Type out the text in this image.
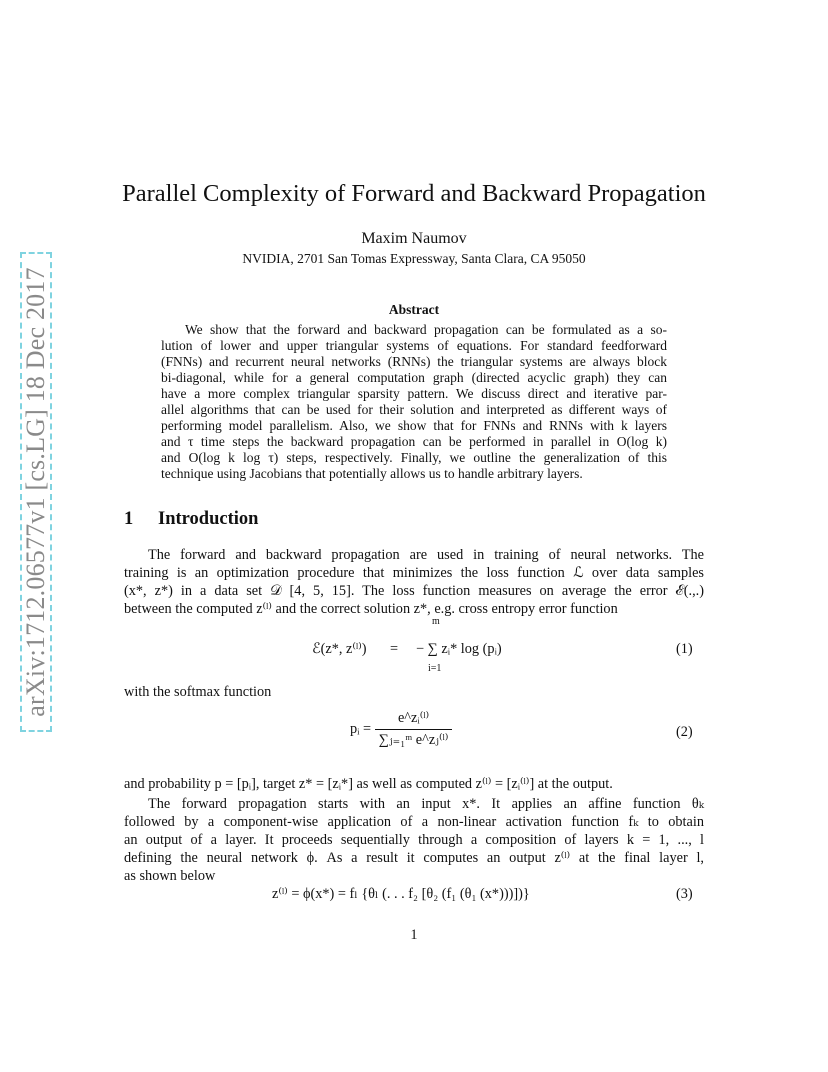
arXiv:1712.06577v1 [cs.LG] 18 Dec 2017
Parallel Complexity of Forward and Backward Propagation
Maxim Naumov
NVIDIA, 2701 San Tomas Expressway, Santa Clara, CA 95050
Abstract
We show that the forward and backward propagation can be formulated as a so-
lution of lower and upper triangular systems of equations. For standard feedforward
(FNNs) and recurrent neural networks (RNNs) the triangular systems are always block
bi-diagonal, while for a general computation graph (directed acyclic graph) they can
have a more complex triangular sparsity pattern. We discuss direct and iterative par-
allel algorithms that can be used for their solution and interpreted as different ways of
performing model parallelism. Also, we show that for FNNs and RNNs with k layers
and τ time steps the backward propagation can be performed in parallel in O(log k)
and O(log k log τ) steps, respectively. Finally, we outline the generalization of this
technique using Jacobians that potentially allows us to handle arbitrary layers.
1 Introduction
The forward and backward propagation are used in training of neural networks. The
training is an optimization procedure that minimizes the loss function ℒ over data samples
(x*, z*) in a data set 𝒟 [4, 5, 15]. The loss function measures on average the error ℰ(.,.)
between the computed z⁽ˡ⁾ and the correct solution z*, e.g. cross entropy error function
ℰ(z*, z⁽ˡ⁾) =
m
− ∑ zᵢ* log (pᵢ)
i=1
(1)
with the softmax function
pᵢ = $\frac{\text{e\textasciicircum{}zᵢ⁽ˡ⁾}}{\text{∑ⱼ₌₁ᵐ e\textasciicircum{}zⱼ⁽ˡ⁾}}$	(2)
and probability p = [pᵢ], target z* = [zᵢ*] as well as computed z⁽ˡ⁾ = [zᵢ⁽ˡ⁾] at the output.
The forward propagation starts with an input x*. It applies an affine function θₖ
followed by a component-wise application of a non-linear activation function fₖ to obtain
an output of a layer. It proceeds sequentially through a composition of layers k = 1, ..., l
defining the neural network ϕ. As a result it computes an output z⁽ˡ⁾ at the final layer l,
as shown below
z⁽ˡ⁾ = ϕ(x*) = fₗ {θₗ (. . . f₂ [θ₂ (f₁ (θ₁ (x*)))])}	(3)
1
